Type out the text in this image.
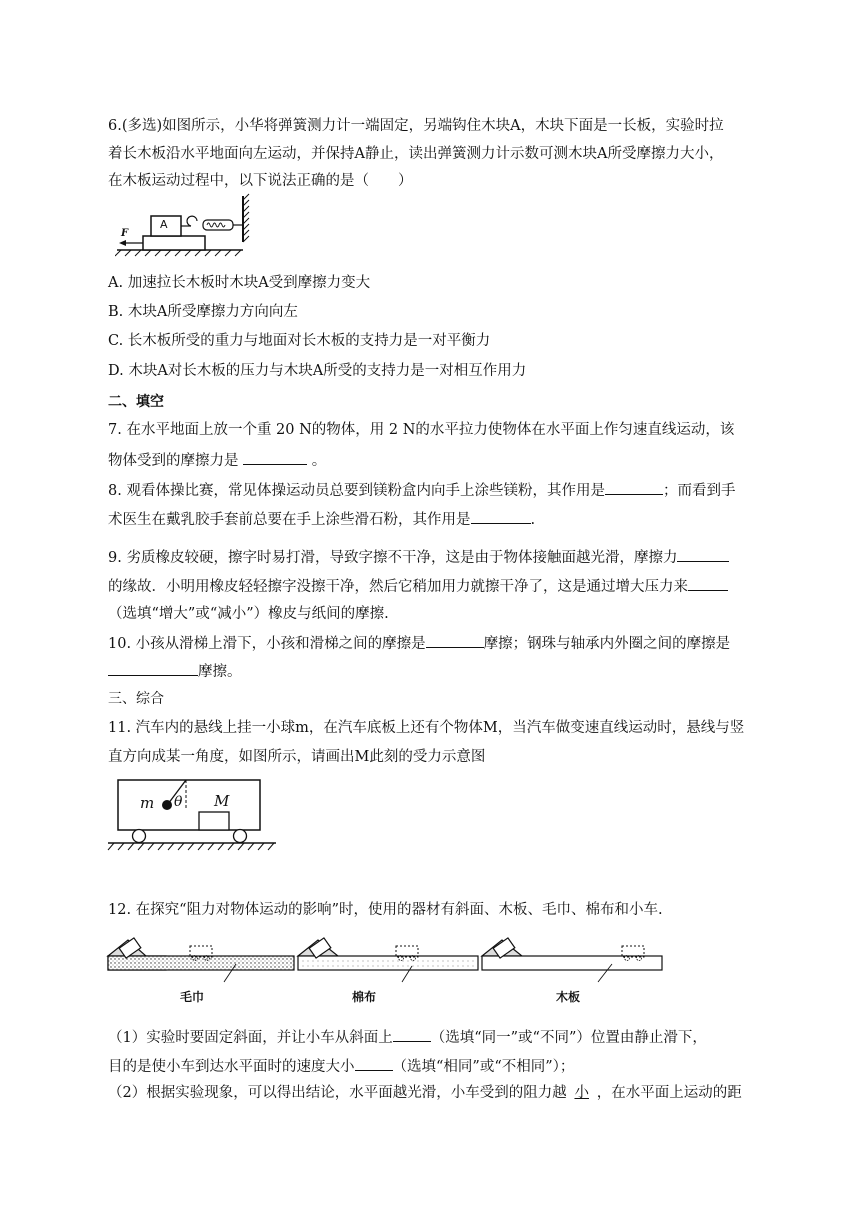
6.(多选)如图所示，小华将弹簧测力计一端固定，另端钩住木块A，木块下面是一长板，实验时拉
着长木板沿水平地面向左运动，并保持A静止，读出弹簧测力计示数可测木块A所受摩擦力大小，
在木板运动过程中，以下说法正确的是（　　）
A
F
A. 加速拉长木板时木块A受到摩擦力变大
B. 木块A所受摩擦力方向向左
C. 长木板所受的重力与地面对长木板的支持力是一对平衡力
D. 木块A对长木板的压力与木块A所受的支持力是一对相互作用力
二、填空
7. 在水平地面上放一个重 20 N的物体，用 2 N的水平拉力使物体在水平面上作匀速直线运动，该
物体受到的摩擦力是	。
8. 观看体操比赛，常见体操运动员总要到镁粉盒内向手上涂些镁粉，其作用是	；而看到手
术医生在戴乳胶手套前总要在手上涂些滑石粉，其作用是	.
9. 劣质橡皮较硬，擦字时易打滑，导致字擦不干净，这是由于物体接触面越光滑，摩擦力
的缘故．小明用橡皮轻轻擦字没擦干净，然后它稍加用力就擦干净了，这是通过增大压力来
（选填“增大”或“减小”）橡皮与纸间的摩擦.
10. 小孩从滑梯上滑下，小孩和滑梯之间的摩擦是	摩擦；钢珠与轴承内外圈之间的摩擦是
摩擦。
三、综合
11. 汽车内的悬线上挂一小球m，在汽车底板上还有个物体M，当汽车做变速直线运动时，悬线与竖
直方向成某一角度，如图所示，请画出M此刻的受力示意图
m θ M
12. 在探究“阻力对物体运动的影响”时，使用的器材有斜面、木板、毛巾、棉布和小车.
毛巾	棉布	木板
（1）实验时要固定斜面，并让小车从斜面上	（选填“同一”或“不同”）位置由静止滑下，
目的是使小车到达水平面时的速度大小	（选填“相同”或“不相同”）；
（2）根据实验现象，可以得出结论，水平面越光滑，小车受到的阻力越 小 ，在水平面上运动的距
